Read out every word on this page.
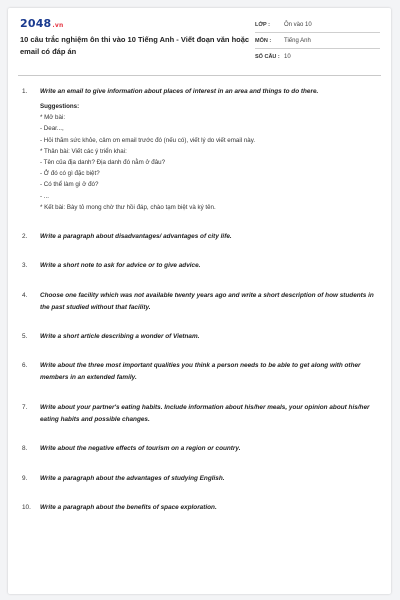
2048.vn
10 câu trắc nghiệm ôn thi vào 10 Tiếng Anh - Viết đoạn văn hoặc email có đáp án
LỚP :	Ôn vào 10
MÔN :	Tiếng Anh
SỐ CÂU : 10
1. Write an email to give information about places of interest in an area and things to do there.
Suggestions:
* Mở bài:
- Dear...,
- Hỏi thăm sức khỏe, cảm ơn email trước đó (nếu có), viết lý do viết email này.
* Thân bài: Viết các ý triển khai:
- Tên của địa danh? Địa danh đó nằm ở đâu?
- Ở đó có gì đặc biệt?
- Có thể làm gì ở đó?
- ...
* Kết bài: Bày tỏ mong chờ thư hồi đáp, chào tạm biệt và ký tên.
2. Write a paragraph about disadvantages/ advantages of city life.
3. Write a short note to ask for advice or to give advice.
4. Choose one facility which was not available twenty years ago and write a short description of how students in the past studied without that facility.
5. Write a short article describing a wonder of Vietnam.
6. Write about the three most important qualities you think a person needs to be able to get along with other members in an extended family.
7. Write about your partner's eating habits. Include information about his/her meals, your opinion about his/her eating habits and possible changes.
8. Write about the negative effects of tourism on a region or country.
9. Write a paragraph about the advantages of studying English.
10. Write a paragraph about the benefits of space exploration.
